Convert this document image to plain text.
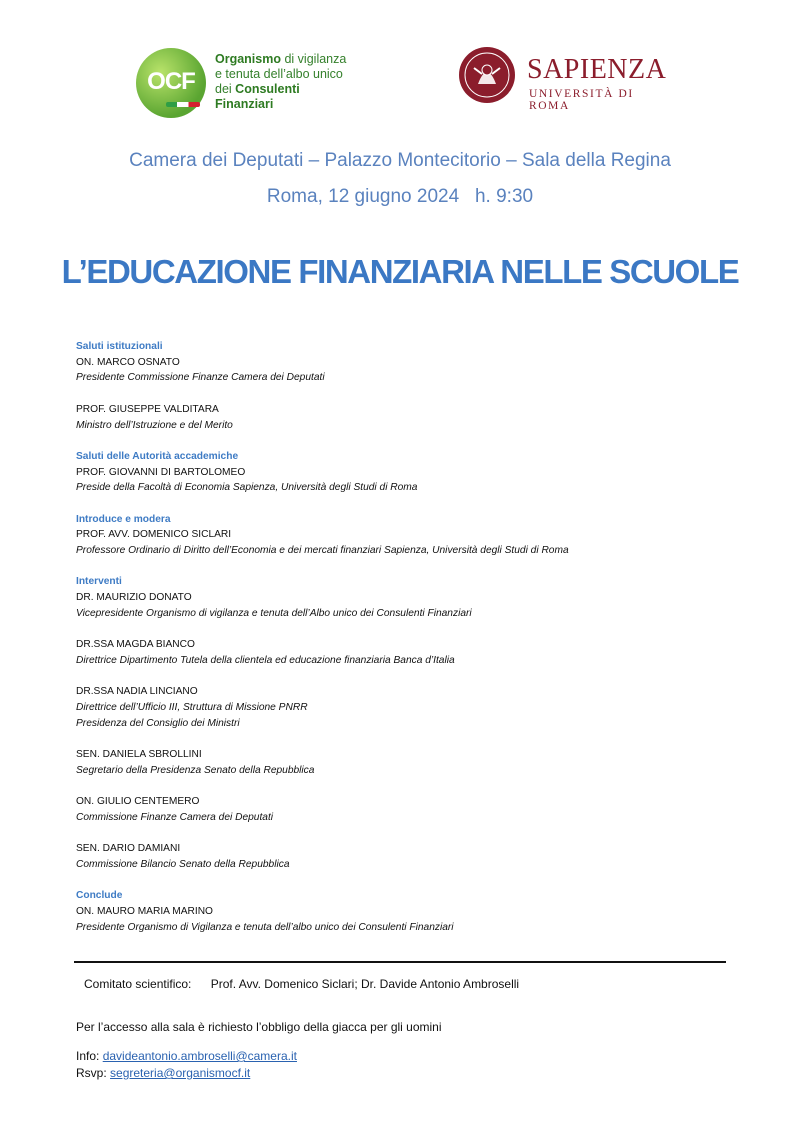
OCF
Organismo di vigilanza
e tenuta dell’albo unico
dei Consulenti Finanziari
SAPIENZA
UNIVERSITÀ DI ROMA
Camera dei Deputati – Palazzo Montecitorio – Sala della Regina
Roma, 12 giugno 2024   h. 9:30
L’EDUCAZIONE FINANZIARIA NELLE SCUOLE
Saluti istituzionali
ON. MARCO OSNATO
Presidente Commissione Finanze Camera dei Deputati
PROF. GIUSEPPE VALDITARA
Ministro dell’Istruzione e del Merito
Saluti delle Autorità accademiche
PROF. GIOVANNI DI BARTOLOMEO
Preside della Facoltà di Economia Sapienza, Università degli Studi di Roma
Introduce e modera
PROF. AVV. DOMENICO SICLARI
Professore Ordinario di Diritto dell’Economia e dei mercati finanziari Sapienza, Università degli Studi di Roma
Interventi
DR. MAURIZIO DONATO
Vicepresidente Organismo di vigilanza e tenuta dell’Albo unico dei Consulenti Finanziari
DR.SSA MAGDA BIANCO
Direttrice Dipartimento Tutela della clientela ed educazione finanziaria Banca d’Italia
DR.SSA NADIA LINCIANO
Direttrice dell’Ufficio III, Struttura di Missione PNRR
Presidenza del Consiglio dei Ministri
SEN. DANIELA SBROLLINI
Segretario della Presidenza Senato della Repubblica
ON. GIULIO CENTEMERO
Commissione Finanze Camera dei Deputati
SEN. DARIO DAMIANI
Commissione Bilancio Senato della Repubblica
Conclude
ON. MAURO MARIA MARINO
Presidente Organismo di Vigilanza e tenuta dell’albo unico dei Consulenti Finanziari
Comitato scientifico: Prof. Avv. Domenico Siclari; Dr. Davide Antonio Ambroselli
Per l’accesso alla sala è richiesto l’obbligo della giacca per gli uomini
Info: davideantonio.ambroselli@camera.it
Rsvp: segreteria@organismocf.it
